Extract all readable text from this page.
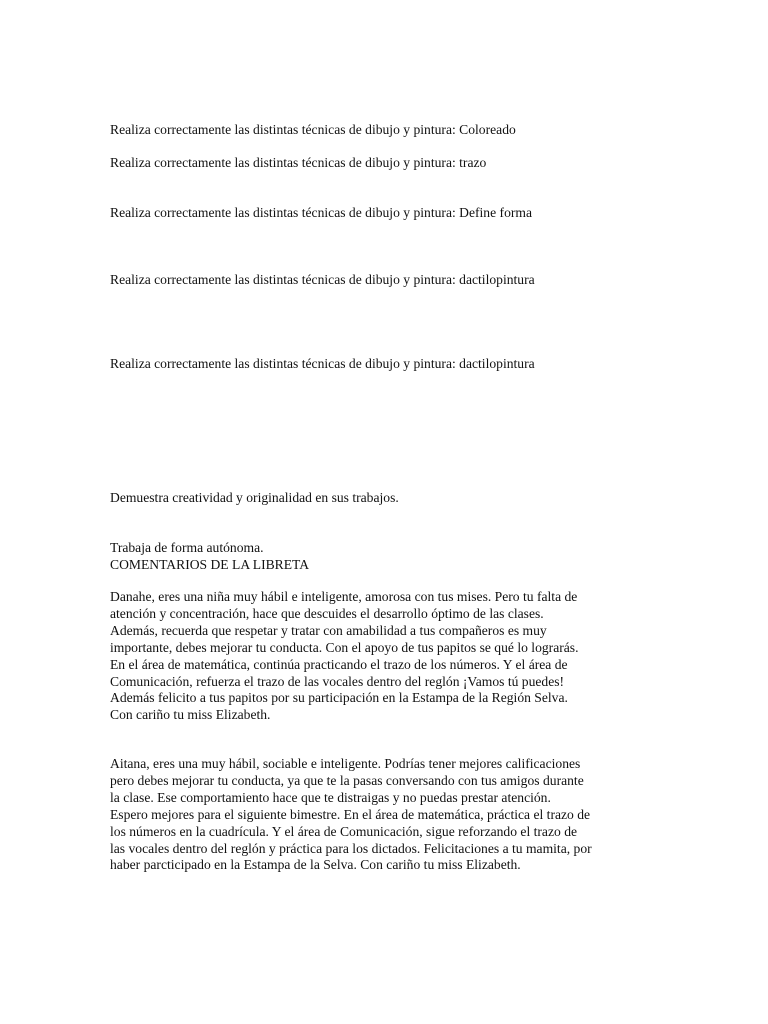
Realiza correctamente las distintas técnicas de dibujo y pintura: Coloreado

Realiza correctamente las distintas técnicas de dibujo y pintura: trazo

Realiza correctamente las distintas técnicas de dibujo y pintura: Define forma

Realiza correctamente las distintas técnicas de dibujo y pintura: dactilopintura

Realiza correctamente las distintas técnicas de dibujo y pintura: dactilopintura

Demuestra creatividad y originalidad en sus trabajos.

Trabaja de forma autónoma.

COMENTARIOS DE LA LIBRETA

Danahe, eres una niña muy hábil e inteligente, amorosa con tus mises. Pero tu falta de
atención y concentración, hace que descuides el desarrollo óptimo de las clases.
Además, recuerda que respetar y tratar con amabilidad a tus compañeros es muy
importante, debes mejorar tu conducta. Con el apoyo de tus papitos se qué lo lograrás.
En el área de matemática, continúa practicando el trazo de los números. Y el área de
Comunicación, refuerza el trazo de las vocales dentro del reglón ¡Vamos tú puedes!
Además felicito a tus papitos por su participación en la Estampa de la Región Selva.
Con cariño tu miss Elizabeth.
Aitana, eres una muy hábil, sociable e inteligente. Podrías tener mejores calificaciones
pero debes mejorar tu conducta, ya que te la pasas conversando con tus amigos durante
la clase. Ese comportamiento hace que te distraigas y no puedas prestar atención.
Espero mejores para el siguiente bimestre. En el área de matemática, práctica el trazo de
los números en la cuadrícula. Y el área de Comunicación, sigue reforzando el trazo de
las vocales dentro del reglón y práctica para los dictados. Felicitaciones a tu mamita, por
haber parcticipado en la Estampa de la Selva. Con cariño tu miss Elizabeth.
